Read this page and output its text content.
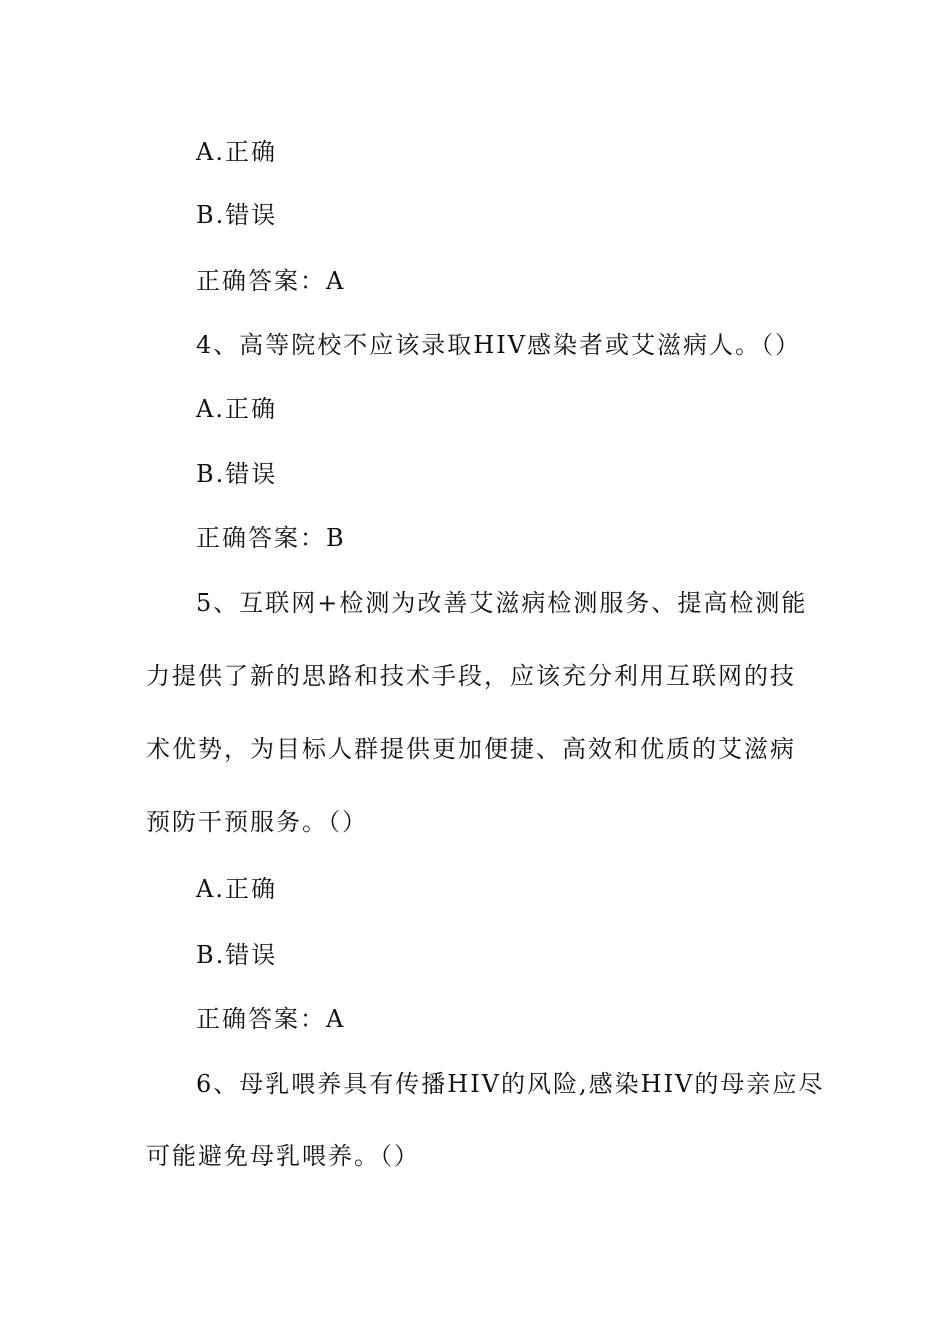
A.正确
B.错误
正确答案：A
4、高等院校不应该录取HIV感染者或艾滋病人。（）
A.正确
B.错误
正确答案：B
5、互联网+检测为改善艾滋病检测服务、提高检测能
力提供了新的思路和技术手段，应该充分利用互联网的技
术优势，为目标人群提供更加便捷、高效和优质的艾滋病
预防干预服务。（）
A.正确
B.错误
正确答案：A
6、母乳喂养具有传播HIV的风险,感染HIV的母亲应尽
可能避免母乳喂养。（）
